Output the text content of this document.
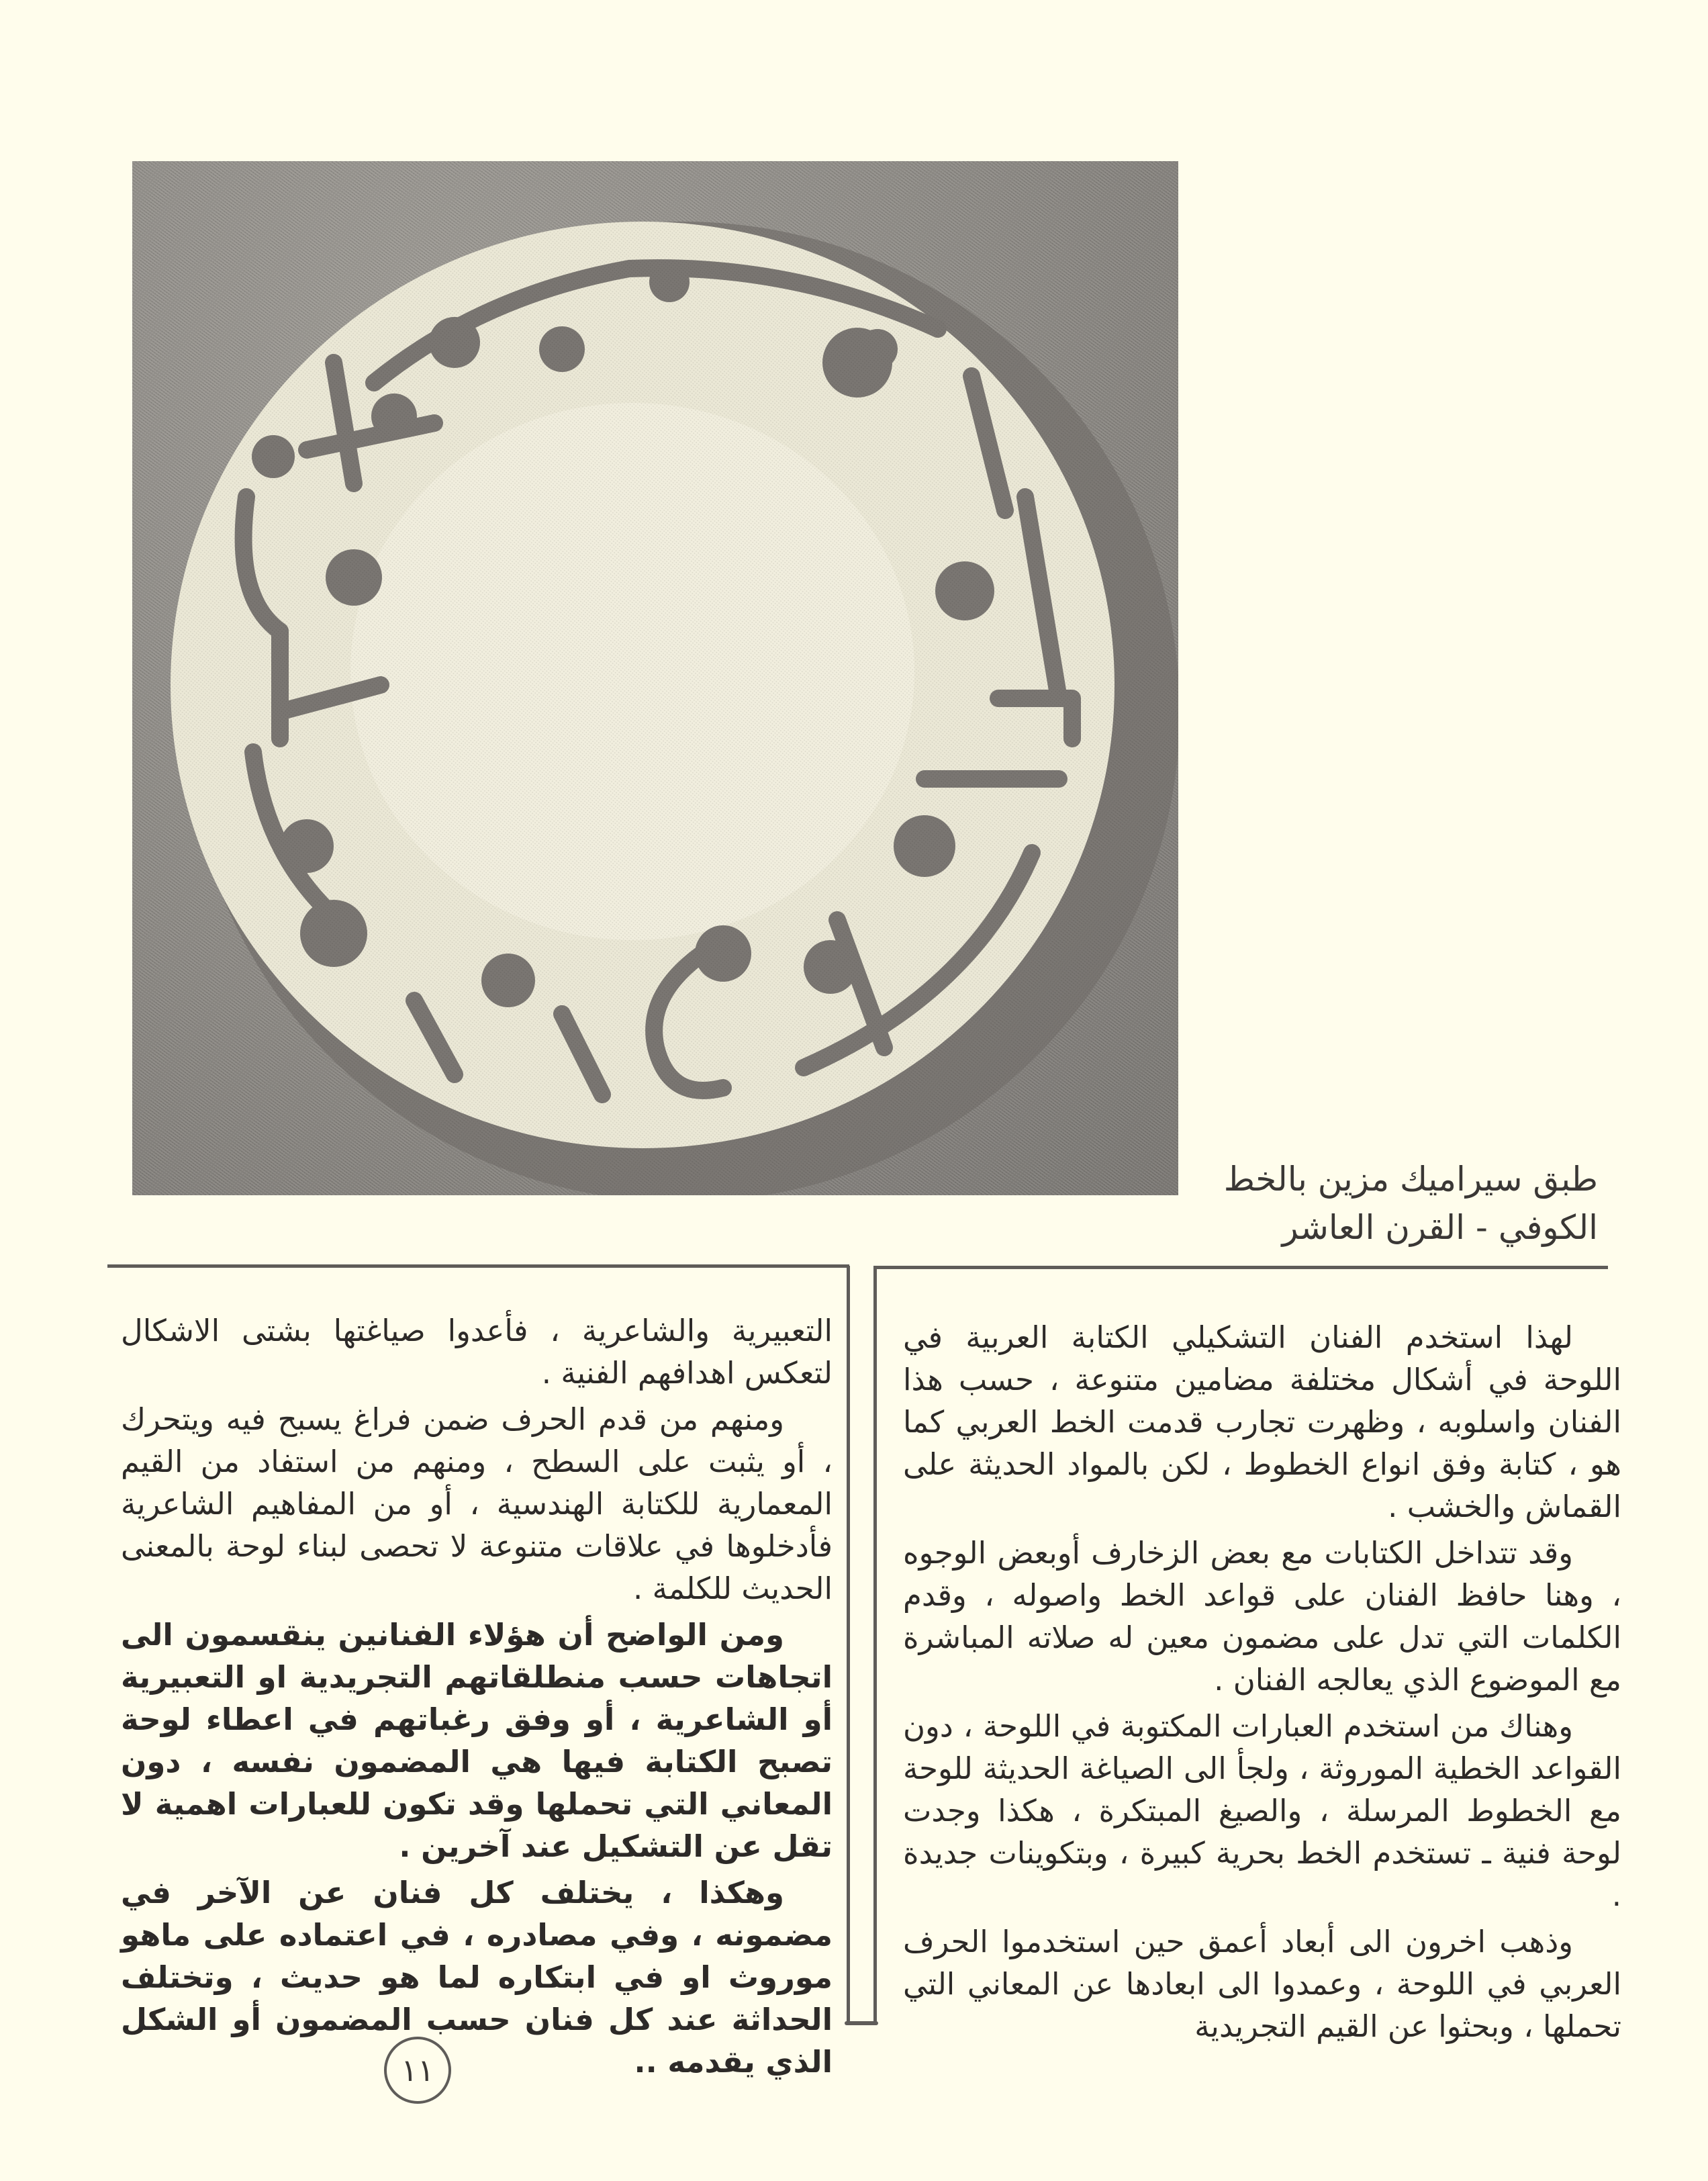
طبق سيراميك مزين بالخط
الكوفي - القرن العاشر

لهذا استخدم الفنان التشكيلي الكتابة العربية في اللوحة في أشكال مختلفة مضامين متنوعة ، حسب هذا الفنان واسلوبه ، وظهرت تجارب قدمت الخط العربي كما هو ، كتابة وفق انواع الخطوط ، لكن بالمواد الحديثة على القماش والخشب .

وقد تتداخل الكتابات مع بعض الزخارف أوبعض الوجوه ، وهنا حافظ الفنان على قواعد الخط واصوله ، وقدم الكلمات التي تدل على مضمون معين له صلاته المباشرة مع الموضوع الذي يعالجه الفنان .

وهناك من استخدم العبارات المكتوبة في اللوحة ، دون القواعد الخطية الموروثة ، ولجأ الى الصياغة الحديثة للوحة مع الخطوط المرسلة ، والصيغ المبتكرة ، هكذا وجدت لوحة فنية ـ تستخدم الخط بحرية كبيرة ، وبتكوينات جديدة .

وذهب اخرون الى أبعاد أعمق حين استخدموا الحرف العربي في اللوحة ، وعمدوا الى ابعادها عن المعاني التي تحملها ، وبحثوا عن القيم التجريدية

التعبيرية والشاعرية ، فأعدوا صياغتها بشتى الاشكال لتعكس اهدافهم الفنية .

ومنهم من قدم الحرف ضمن فراغ يسبح فيه ويتحرك ، أو يثبت على السطح ، ومنهم من استفاد من القيم المعمارية للكتابة الهندسية ، أو من المفاهيم الشاعرية فأدخلوها في علاقات متنوعة لا تحصى لبناء لوحة بالمعنى الحديث للكلمة .

ومن الواضح أن هؤلاء الفنانين ينقسمون الى اتجاهات حسب منطلقاتهم التجريدية او التعبيرية أو الشاعرية ، أو وفق رغباتهم في اعطاء لوحة تصبح الكتابة فيها هي المضمون نفسه ، دون المعاني التي تحملها وقد تكون للعبارات اهمية لا تقل عن التشكيل عند آخرين .

وهكذا ، يختلف كل فنان عن الآخر في مضمونه ، وفي مصادره ، في اعتماده على ماهو موروث او في ابتكاره لما هو حديث ، وتختلف الحداثة عند كل فنان حسب المضمون أو الشكل الذي يقدمه ..

١١
